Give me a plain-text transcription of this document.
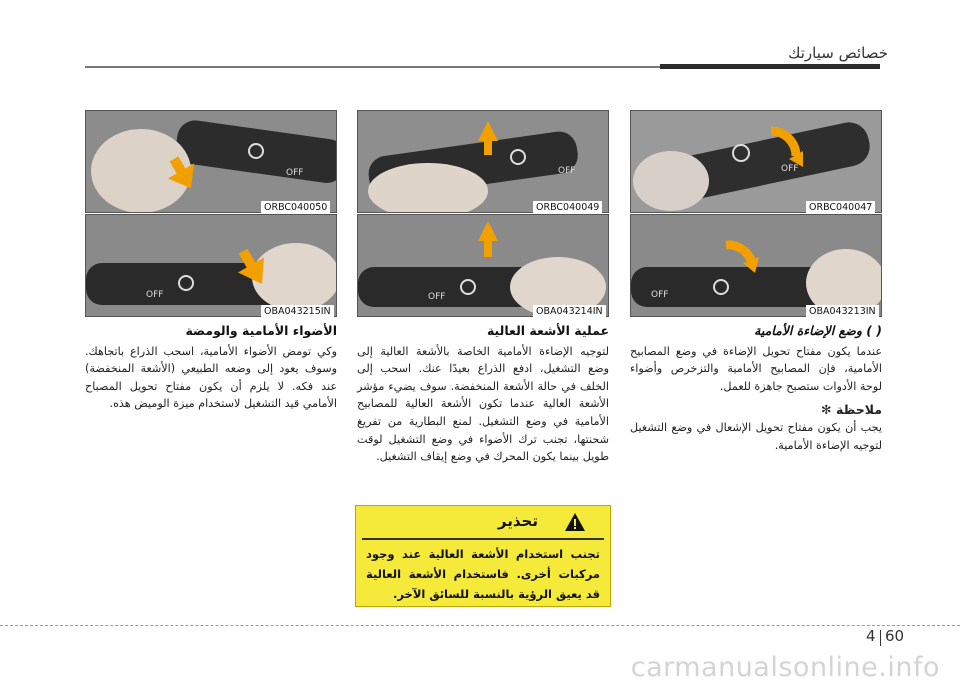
خصائص سيارتك
OFF
ORBC040047
OFF
OBA043213IN
OFF
ORBC040049
OFF
OBA043214IN
OFF
ORBC040050
OFF
OBA043215IN
( ) وضع الإضاءة الأمامية

عندما يكون مفتاح تحويل الإضاءة في وضع المصابيح الأمامية، فإن المصابيح الأمامية والتزخرص وأضواء لوحة الأدوات ستصبح جاهزة للعمل.

ملاحظة ✻

يجب أن يكون مفتاح تحويل الإشعال في وضع التشغيل لتوجيه الإضاءة الأمامية.

عملية الأشعة العالية

لتوجيه الإضاءة الأمامية الخاصة بالأشعة العالية إلى وضع التشغيل، ادفع الذراع بعيدًا عنك. اسحب إلى الخلف في حالة الأشعة المنخفضة. سوف يضيء مؤشر الأشعة العالية عندما تكون الأشعة العالية للمصابيح الأمامية في وضع التشغيل. لمنع البطارية من تفريغ شحنتها، تجنب ترك الأضواء في وضع التشغيل لوقت طويل بينما يكون المحرك في وضع إيقاف التشغيل.

الأضواء الأمامية والومضة

وكي تومض الأضواء الأمامية، اسحب الذراع باتجاهك. وسوف يعود إلى وضعه الطبيعي (الأشعة المنخفضة) عند فكه. لا يلزم أن يكون مفتاح تحويل المصباح الأمامي قيد التشغيل لاستخدام ميزة الوميض هذه.

تحذير
تجنب استخدام الأشعة العالية عند وجود مركبات أخرى. فاستخدام الأشعة العالية قد يعيق الرؤية بالنسبة للسائق الآخر.
4 60
carmanualsonline.info
